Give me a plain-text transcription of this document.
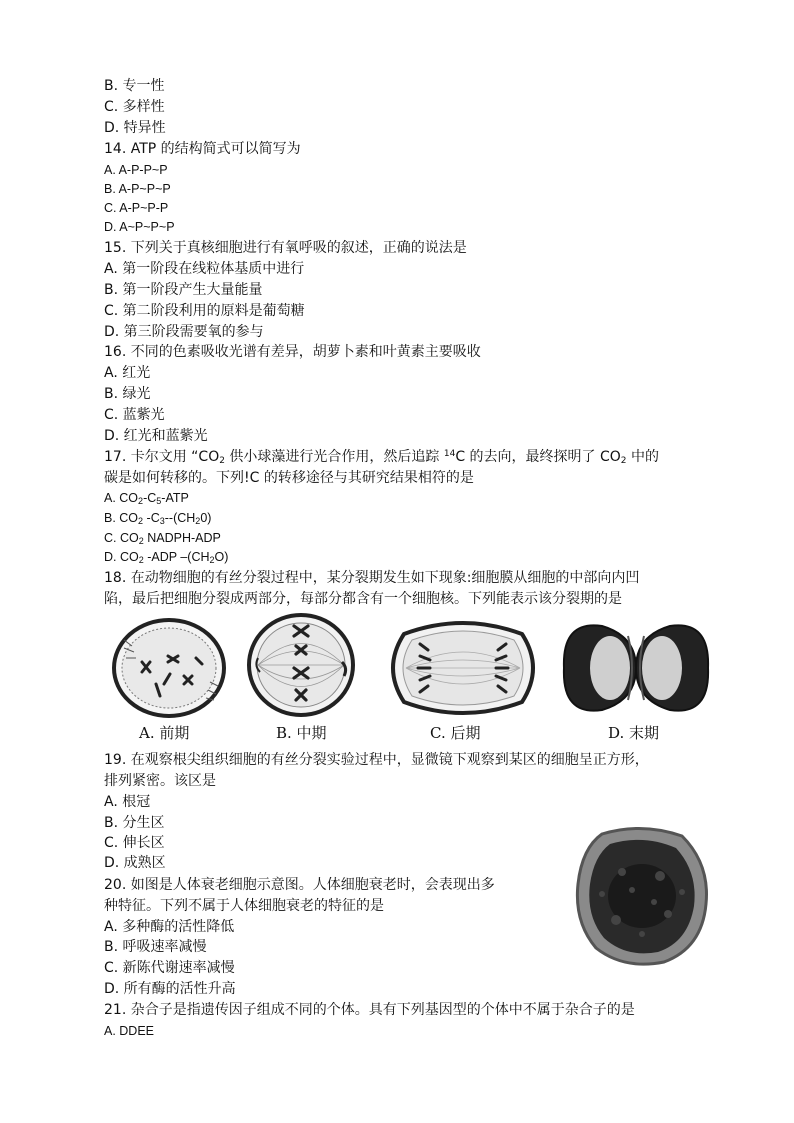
B. 专一性
C. 多样性
D. 特异性
14. ATP 的结构简式可以简写为
A. A-P-P~P
B. A-P~P~P
C. A-P~P-P
D. A~P~P~P
15. 下列关于真核细胞进行有氧呼吸的叙述，正确的说法是
A. 第一阶段在线粒体基质中进行
B. 第一阶段产生大量能量
C. 第二阶段利用的原料是葡萄糖
D. 第三阶段需要氧的参与
16. 不同的色素吸收光谱有差异，胡萝卜素和叶黄素主要吸收
A. 红光
B. 绿光
C. 蓝紫光
D. 红光和蓝紫光
17. 卡尔文用 “$CO_2$ 供小球藻进行光合作用，然后追踪 $^{14}$C 的去向，最终探明了 $CO_2$ 中的
碳是如何转移的。下列!C 的转移途径与其研究结果相符的是
A. $CO_2-C_5$-ATP
B. $CO_2$ $-C_3--(CH_20)$
C. $CO_2$ NADPH-ADP
D. $CO_2$ -ADP $-(CH_2O)$
18. 在动物细胞的有丝分裂过程中，某分裂期发生如下现象:细胞膜从细胞的中部向内凹
陷，最后把细胞分裂成两部分，每部分都含有一个细胞核。下列能表示该分裂期的是
A. 前期	B. 中期	C. 后期	D. 末期
19. 在观察根尖组织细胞的有丝分裂实验过程中，显微镜下观察到某区的细胞呈正方形，
排列紧密。该区是
A. 根冠
B. 分生区
C. 伸长区
D. 成熟区
20. 如图是人体衰老细胞示意图。人体细胞衰老时，会表现出多
种特征。下列不属于人体细胞衰老的特征的是
A. 多种酶的活性降低
B. 呼吸速率减慢
C. 新陈代谢速率减慢
D. 所有酶的活性升高
21. 杂合子是指遗传因子组成不同的个体。具有下列基因型的个体中不属于杂合子的是
A. DDEE
